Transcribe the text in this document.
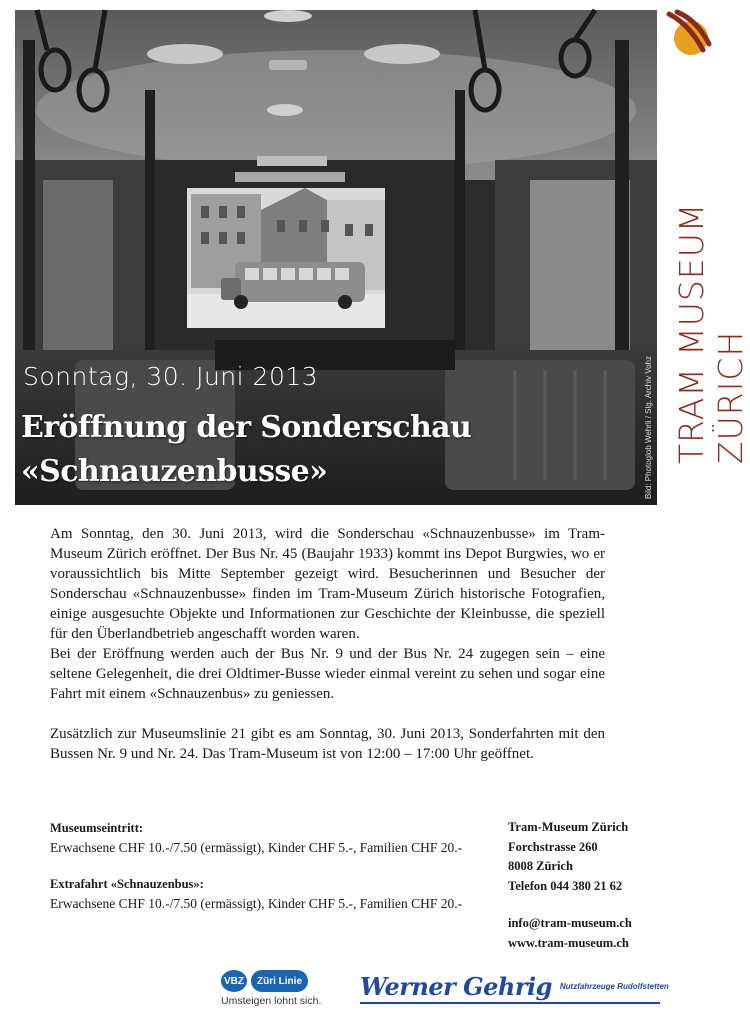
Sonntag, 30. Juni 2013
Eröffnung der Sonderschau
«Schnauzenbusse»	Bild: Photoglob Wehrli / Slg. Archiv Vohz TRAM MUSEUM ZÜRICH

Am Sonntag, den 30. Juni 2013, wird die Sonderschau «Schnauzenbusse» im Tram-Museum Zürich eröffnet. Der Bus Nr. 45 (Baujahr 1933) kommt ins Depot Burgwies, wo er voraussichtlich bis Mitte September gezeigt wird. Besucherinnen und Besucher der Sonderschau «Schnauzenbusse» finden im Tram-Museum Zürich historische Fotografien, einige ausgesuchte Objekte und Informationen zur Geschichte der Kleinbusse, die speziell für den Überlandbetrieb angeschafft worden waren.

Bei der Eröffnung werden auch der Bus Nr. 9 und der Bus Nr. 24 zugegen sein – eine seltene Gelegenheit, die drei Oldtimer-Busse wieder einmal vereint zu sehen und sogar eine Fahrt mit einem «Schnauzenbus» zu geniessen.

Zusätzlich zur Museumslinie 21 gibt es am Sonntag, 30. Juni 2013, Sonderfahrten mit den Bussen Nr. 9 und Nr. 24. Das Tram-Museum ist von 12:00 – 17:00 Uhr geöffnet.

Museumseintritt:
Erwachsene CHF 10.-/7.50 (ermässigt), Kinder CHF 5.-, Familien CHF 20.-
Extrafahrt «Schnauzenbus»:
Erwachsene CHF 10.-/7.50 (ermässigt), Kinder CHF 5.-, Familien CHF 20.-
Tram-Museum Zürich
Forchstrasse 260
8008 Zürich
Telefon 044 380 21 62
info@tram-museum.ch
www.tram-museum.ch
VBZ	Züri Linie
Umsteigen lohnt sich.	Werner Gehrig Nutzfahrzeuge Rudolfstetten
